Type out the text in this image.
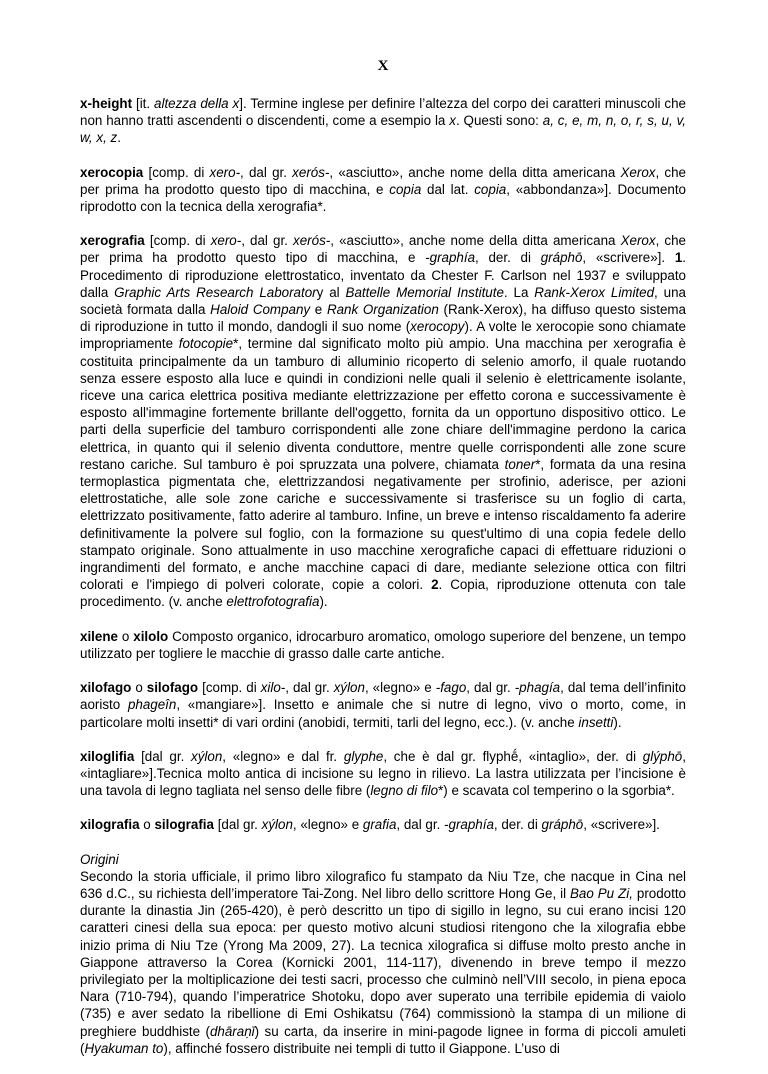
X

x-height [it. altezza della x]. Termine inglese per definire l’altezza del corpo dei caratteri minuscoli che non hanno tratti ascendenti o discendenti, come a esempio la x. Questi sono: a, c, e, m, n, o, r, s, u, v, w, x, z.

xerocopia [comp. di xero-, dal gr. xerós-, «asciutto», anche nome della ditta americana Xerox, che per prima ha prodotto questo tipo di macchina, e copia dal lat. copia, «abbondanza»]. Documento riprodotto con la tecnica della xerografia*.

xerografia [comp. di xero-, dal gr. xerós-, «asciutto», anche nome della ditta americana Xerox, che per prima ha prodotto questo tipo di macchina, e -graphía, der. di gráphō, «scrivere»]. 1. Procedimento di riproduzione elettrostatico, inventato da Chester F. Carlson nel 1937 e sviluppato dalla Graphic Arts Research Laboratory al Battelle Memorial Institute. La Rank-Xerox Limited, una società formata dalla Haloid Company e Rank Organization (Rank-Xerox), ha diffuso questo sistema di riproduzione in tutto il mondo, dandogli il suo nome (xerocopy). A volte le xerocopie sono chiamate impropriamente fotocopie*, termine dal significato molto più ampio. Una macchina per xerografia è costituita principalmente da un tamburo di alluminio ricoperto di selenio amorfo, il quale ruotando senza essere esposto alla luce e quindi in condizioni nelle quali il selenio è elettricamente isolante, riceve una carica elettrica positiva mediante elettrizzazione per effetto corona e successivamente è esposto all'immagine fortemente brillante dell'oggetto, fornita da un opportuno dispositivo ottico. Le parti della superficie del tamburo corrispondenti alle zone chiare dell'immagine perdono la carica elettrica, in quanto qui il selenio diventa conduttore, mentre quelle corrispondenti alle zone scure restano cariche. Sul tamburo è poi spruzzata una polvere, chiamata toner*, formata da una resina termoplastica pigmentata che, elettrizzandosi negativamente per strofinio, aderisce, per azioni elettrostatiche, alle sole zone cariche e successivamente si trasferisce su un foglio di carta, elettrizzato positivamente, fatto aderire al tamburo. Infine, un breve e intenso riscaldamento fa aderire definitivamente la polvere sul foglio, con la formazione su quest'ultimo di una copia fedele dello stampato originale. Sono attualmente in uso macchine xerografiche capaci di effettuare riduzioni o ingrandimenti del formato, e anche macchine capaci di dare, mediante selezione ottica con filtri colorati e l'impiego di polveri colorate, copie a colori. 2. Copia, riproduzione ottenuta con tale procedimento. (v. anche elettrofotografia).

xilene o xilolo Composto organico, idrocarburo aromatico, omologo superiore del benzene, un tempo utilizzato per togliere le macchie di grasso dalle carte antiche.

xilofago o silofago [comp. di xilo-, dal gr. xýlon, «legno» e -fago, dal gr. -phagía, dal tema dell’infinito aoristo phageîn, «mangiare»]. Insetto e animale che si nutre di legno, vivo o morto, come, in particolare molti insetti* di vari ordini (anobidi, termiti, tarli del legno, ecc.). (v. anche insetti).

xiloglifia [dal gr. xýlon, «legno» e dal fr. glyphe, che è dal gr. flyphḗ, «intaglio», der. di glýphō, «intagliare»].Tecnica molto antica di incisione su legno in rilievo. La lastra utilizzata per l’incisione è una tavola di legno tagliata nel senso delle fibre (legno di filo*) e scavata col temperino o la sgorbia*.

xilografia o silografia [dal gr. xýlon, «legno» e grafia, dal gr. -graphía, der. di gráphō, «scrivere»].

Origini

Secondo la storia ufficiale, il primo libro xilografico fu stampato da Niu Tze, che nacque in Cina nel 636 d.C., su richiesta dell’imperatore Tai-Zong. Nel libro dello scrittore Hong Ge, il Bao Pu Zi, prodotto durante la dinastia Jin (265-420), è però descritto un tipo di sigillo in legno, su cui erano incisi 120 caratteri cinesi della sua epoca: per questo motivo alcuni studiosi ritengono che la xilografia ebbe inizio prima di Niu Tze (Yrong Ma 2009, 27). La tecnica xilografica si diffuse molto presto anche in Giappone attraverso la Corea (Kornicki 2001, 114-117), divenendo in breve tempo il mezzo privilegiato per la moltiplicazione dei testi sacri, processo che culminò nell’VIII secolo, in piena epoca Nara (710-794), quando l’imperatrice Shotoku, dopo aver superato una terribile epidemia di vaiolo (735) e aver sedato la ribellione di Emi Oshikatsu (764) commissionò la stampa di un milione di preghiere buddhiste (dhāraṇī) su carta, da inserire in mini-pagode lignee in forma di piccoli amuleti (Hyakuman to), affinché fossero distribuite nei templi di tutto il Giappone. L’uso di
